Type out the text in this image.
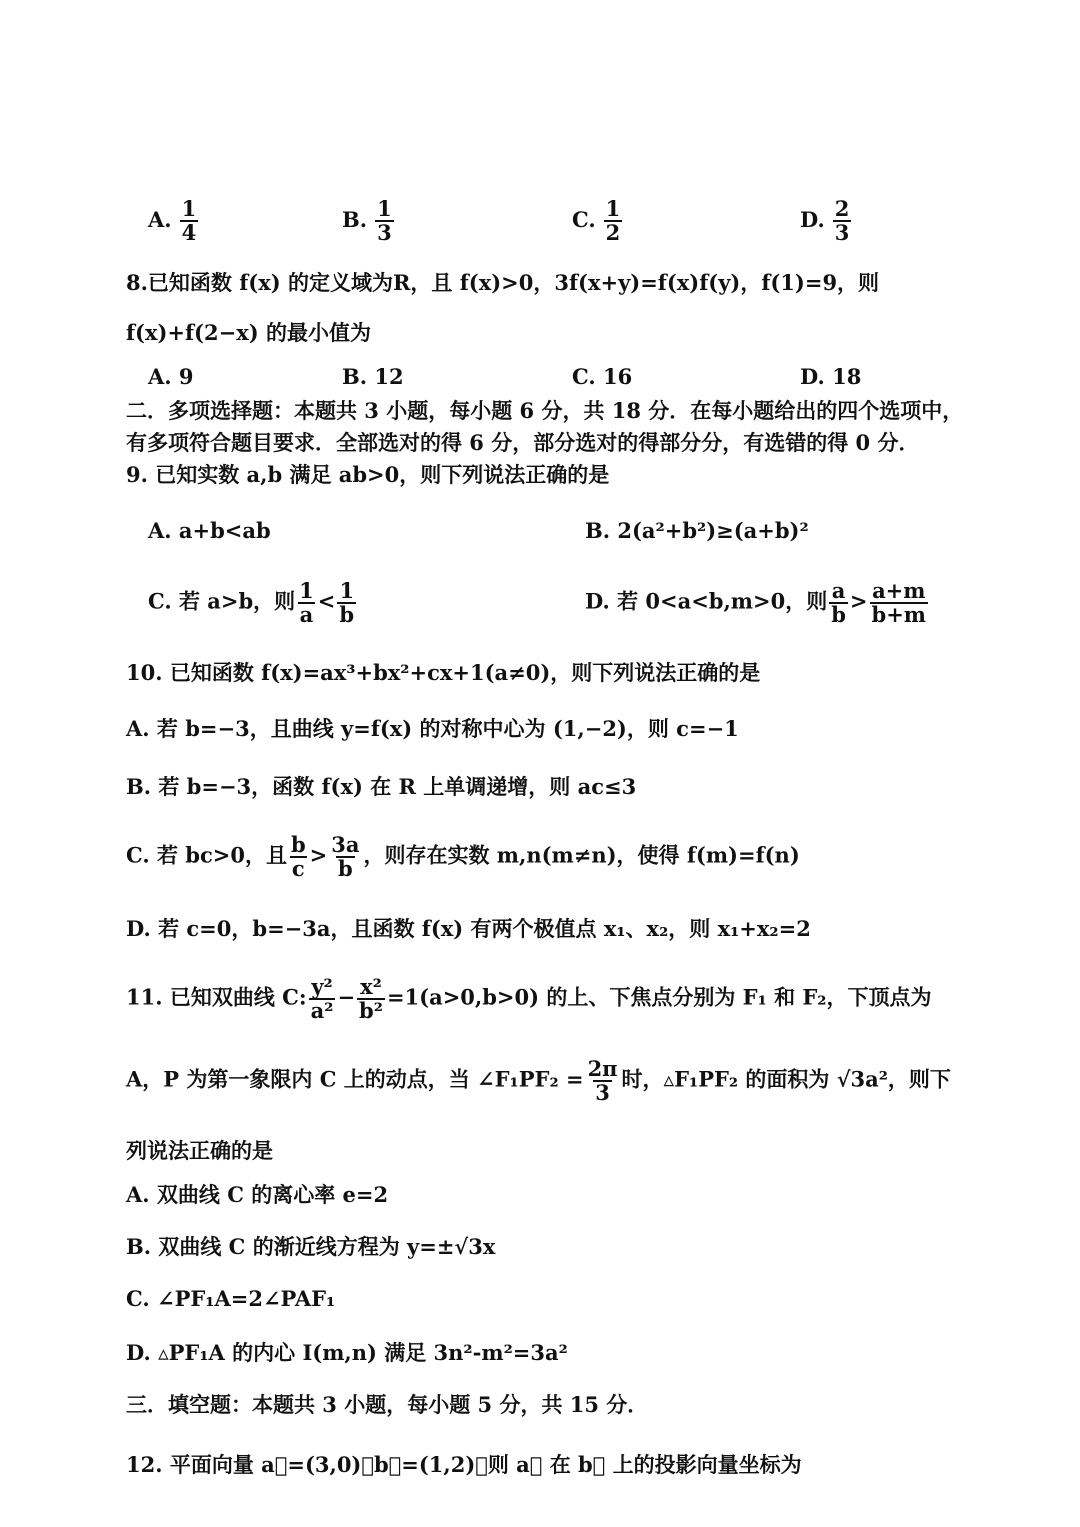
A. $\frac{1}{4}$	B. $\frac{1}{3}$	C. $\frac{1}{2}$	D. $\frac{2}{3}$
8.已知函数 f(x) 的定义域为R，且 f(x)>0，3f(x+y)=f(x)f(y)，f(1)=9，则
f(x)+f(2−x) 的最小值为
A. 9	B. 12	C. 16	D. 18
二．多项选择题：本题共 3 小题，每小题 6 分，共 18 分．在每小题给出的四个选项中，
有多项符合题目要求．全部选对的得 6 分，部分选对的得部分分，有选错的得 0 分．
9. 已知实数 a,b 满足 ab>0，则下列说法正确的是
A. a+b<ab	B. 2(a²+b²)≥(a+b)²
C. 若 a>b，则 $\frac{1}{a} < \frac{1}{b}$	D. 若 0<a<b,m>0，则 $\frac{a}{b} > \frac{a+m}{b+m}$
10. 已知函数 f(x)=ax³+bx²+cx+1(a≠0)，则下列说法正确的是
A. 若 b=−3，且曲线 y=f(x) 的对称中心为 (1,−2)，则 c=−1
B. 若 b=−3，函数 f(x) 在 R 上单调递增，则 ac≤3
C. 若 bc>0，且 $\frac{b}{c} > \frac{3a}{b}$ ，则存在实数 m,n(m≠n)，使得 f(m)=f(n)
D. 若 c=0，b=−3a，且函数 f(x) 有两个极值点 x₁、x₂，则 x₁+x₂=2
11. 已知双曲线 C: $\frac{\text{y²}}{\text{a²}} - \frac{\text{x²}}{\text{b²}} =1(a>0,b>0)$ 的上、下焦点分别为 F₁ 和 F₂，下顶点为
A，P 为第一象限内 C 上的动点，当 ∠F₁PF₂ = $\frac{2\pi}{3}$ 时，▵F₁PF₂ 的面积为 √3a²，则下
列说法正确的是
A. 双曲线 C 的离心率 e=2
B. 双曲线 C 的渐近线方程为 y=±√3x
C. ∠PF₁A=2∠PAF₁
D. ▵PF₁A 的内心 I(m,n) 满足 3n²-m²=3a²
三．填空题：本题共 3 小题，每小题 5 分，共 15 分．
12. 平面向量 a⃗=(3,0)，b⃗=(1,2)，则 a⃗ 在 b⃗ 上的投影向量坐标为
